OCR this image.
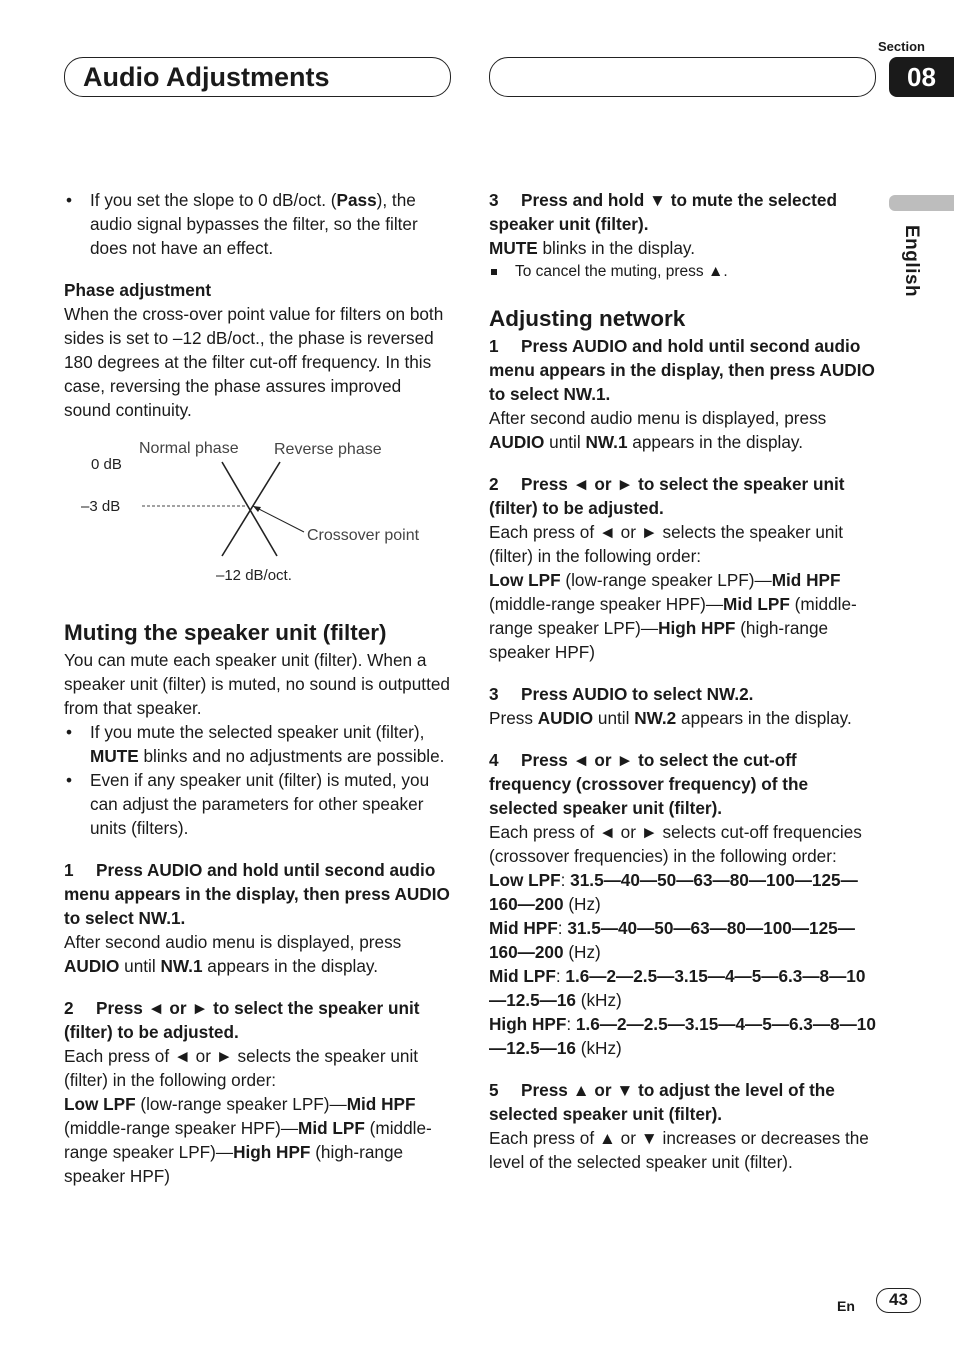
Audio Adjustments
Section
08
English

• If you set the slope to 0 dB/oct. (Pass), the audio signal bypasses the filter, so the filter does not have an effect.

Phase adjustment

When the cross-over point value for filters on both sides is set to –12 dB/oct., the phase is reversed 180 degrees at the filter cut-off frequency. In this case, reversing the phase assures improved sound continuity.

Normal phase Reverse phase
0 dB
–3 dB
Crossover point
–12 dB/oct.

Muting the speaker unit (filter)

You can mute each speaker unit (filter). When a speaker unit (filter) is muted, no sound is outputted from that speaker.

• If you mute the selected speaker unit (filter), MUTE blinks and no adjustments are possible.

• Even if any speaker unit (filter) is muted, you can adjust the parameters for other speaker units (filters).

1 Press AUDIO and hold until second audio menu appears in the display, then press AUDIO to select NW.1.

After second audio menu is displayed, press AUDIO until NW.1 appears in the display.

2 Press ◄ or ► to select the speaker unit (filter) to be adjusted.

Each press of ◄ or ► selects the speaker unit (filter) in the following order:

Low LPF (low-range speaker LPF)—Mid HPF (middle-range speaker HPF)—Mid LPF (middle-range speaker LPF)—High HPF (high-range speaker HPF)

3 Press and hold ▼ to mute the selected speaker unit (filter).

MUTE blinks in the display.

To cancel the muting, press ▲.

Adjusting network

1 Press AUDIO and hold until second audio menu appears in the display, then press AUDIO to select NW.1.

After second audio menu is displayed, press AUDIO until NW.1 appears in the display.

2 Press ◄ or ► to select the speaker unit (filter) to be adjusted.

Each press of ◄ or ► selects the speaker unit (filter) in the following order:

Low LPF (low-range speaker LPF)—Mid HPF (middle-range speaker HPF)—Mid LPF (middle-range speaker LPF)—High HPF (high-range speaker HPF)

3 Press AUDIO to select NW.2.

Press AUDIO until NW.2 appears in the display.

4 Press ◄ or ► to select the cut-off frequency (crossover frequency) of the selected speaker unit (filter).

Each press of ◄ or ► selects cut-off frequencies (crossover frequencies) in the following order:

Low LPF: 31.5—40—50—63—80—100—125—160—200 (Hz)

Mid HPF: 31.5—40—50—63—80—100—125—160—200 (Hz)

Mid LPF: 1.6—2—2.5—3.15—4—5—6.3—8—10—12.5—16 (kHz)

High HPF: 1.6—2—2.5—3.15—4—5—6.3—8—10—12.5—16 (kHz)

5 Press ▲ or ▼ to adjust the level of the selected speaker unit (filter).

Each press of ▲ or ▼ increases or decreases the level of the selected speaker unit (filter).

En	43
